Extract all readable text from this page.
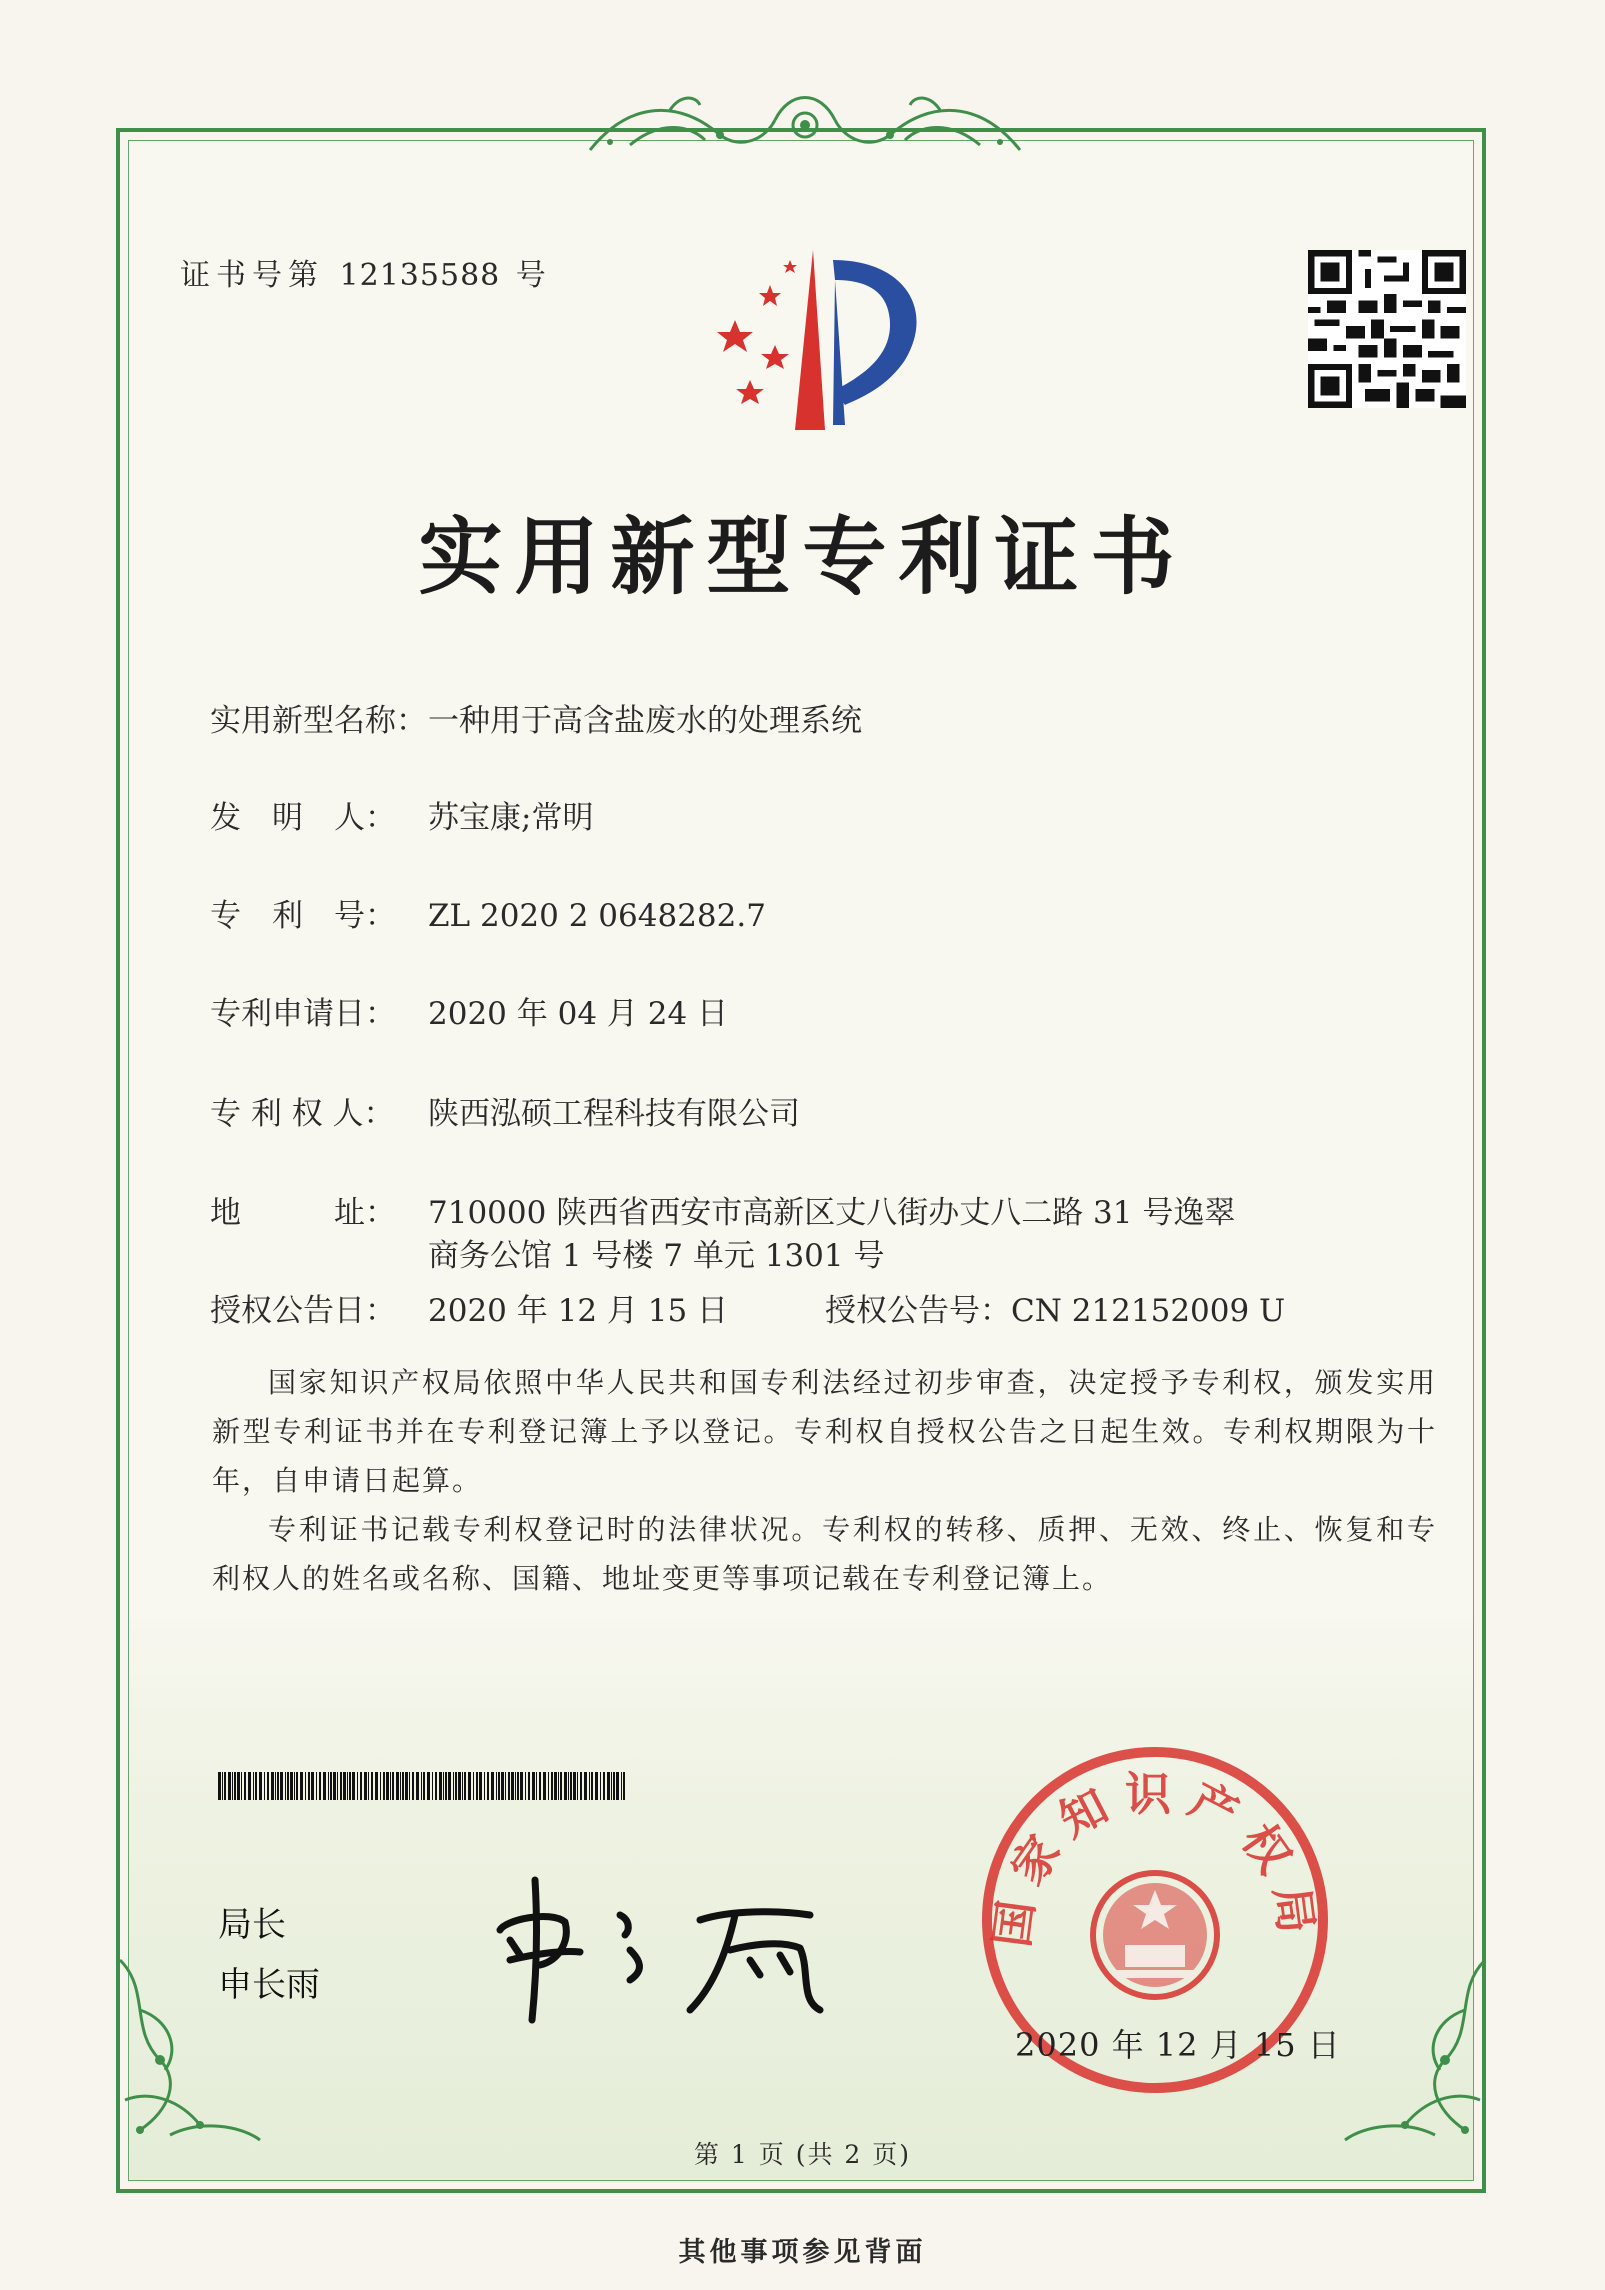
证书号第 12135588 号
实用新型专利证书
实用新型名称：一种用于高含盐废水的处理系统
发　明　人： 苏宝康;常明
专　利　号： ZL 2020 2 0648282.7
专利申请日： 2020 年 04 月 24 日
专 利 权 人： 陕西泓硕工程科技有限公司
地　　　址： 710000 陕西省西安市高新区丈八街办丈八二路 31 号逸翠
商务公馆 1 号楼 7 单元 1301 号
授权公告日： 2020 年 12 月 15 日	授权公告号：CN 212152009 U

国家知识产权局依照中华人民共和国专利法经过初步审查，决定授予专利权，颁发实用新型专利证书并在专利登记簿上予以登记。专利权自授权公告之日起生效。专利权期限为十年，自申请日起算。

专利证书记载专利权登记时的法律状况。专利权的转移、质押、无效、终止、恢复和专利权人的姓名或名称、国籍、地址变更等事项记载在专利登记簿上。

局长
申长雨
国家知识产权局
2020 年 12 月 15 日
第 1 页 (共 2 页)
其他事项参见背面
